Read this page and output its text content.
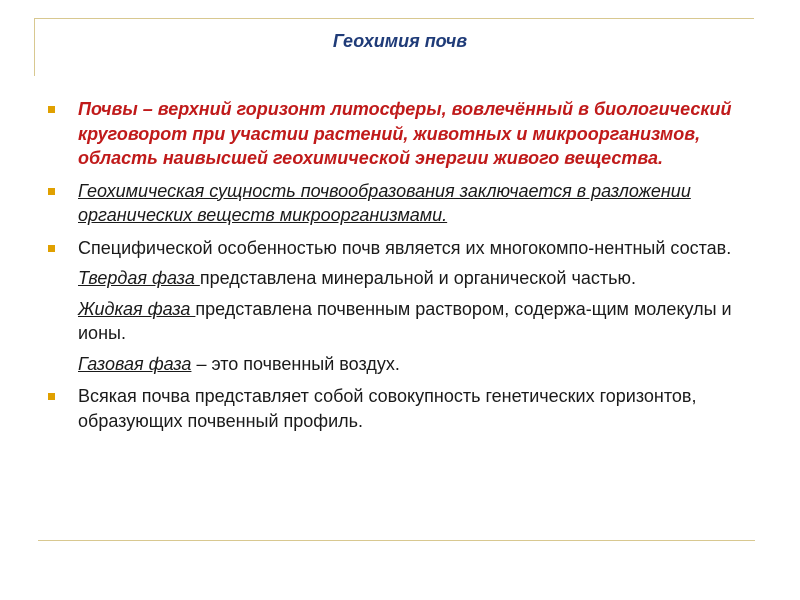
Геохимия почв

Почвы – верхний горизонт литосферы, вовлечённый в биологический круговорот при участии растений, животных и микроорганизмов, область наивысшей геохимической энергии живого вещества.

Геохимическая сущность почвообразования заключается в разложении органических веществ микроорганизмами.

Специфической особенностью почв является их многокомпо-нентный состав.

Твердая фаза представлена минеральной и органической частью.

Жидкая фаза представлена почвенным раствором, содержа-щим молекулы и ионы.

Газовая фаза – это почвенный воздух.

Всякая почва представляет собой совокупность генетических горизонтов, образующих почвенный профиль.
